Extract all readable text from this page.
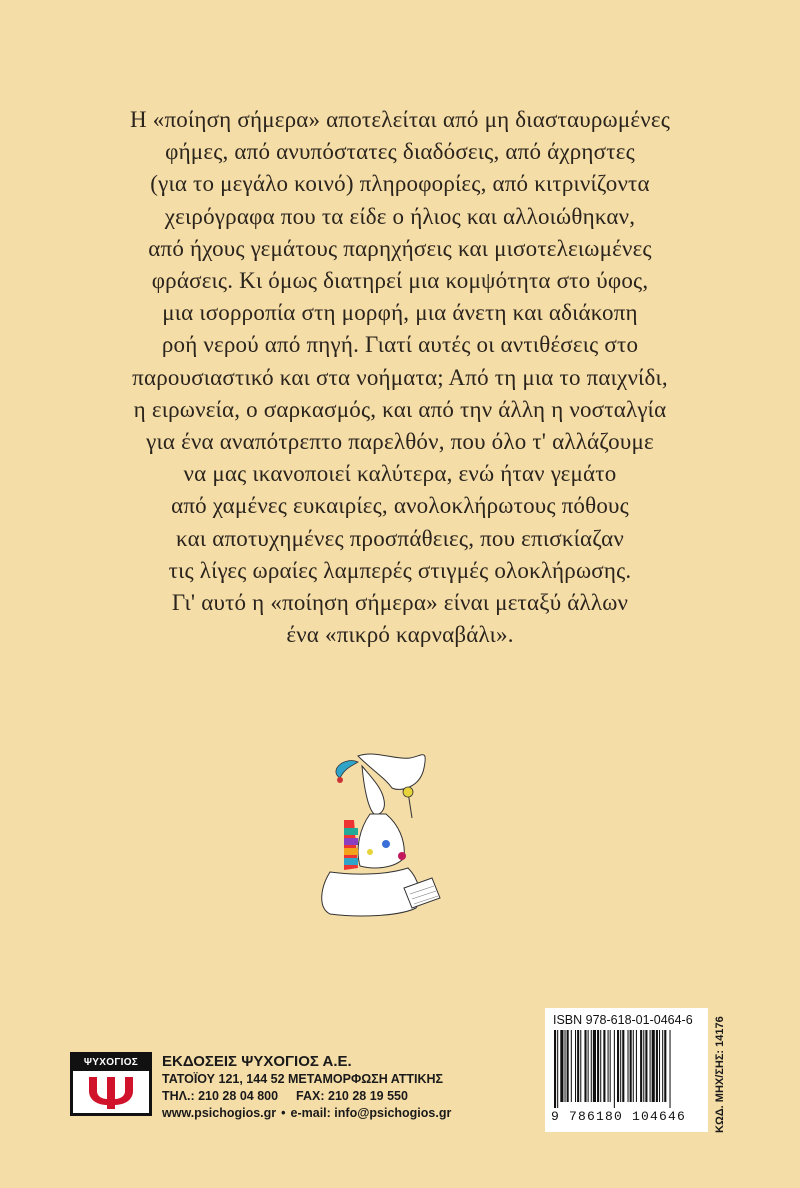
Η «ποίηση σήμερα» αποτελείται από μη διασταυρωμένες
φήμες, από ανυπόστατες διαδόσεις, από άχρηστες
(για το μεγάλο κοινό) πληροφορίες, από κιτρινίζοντα
χειρόγραφα που τα είδε ο ήλιος και αλλοιώθηκαν,
από ήχους γεμάτους παρηχήσεις και μισοτελειωμένες
φράσεις. Κι όμως διατηρεί μια κομψότητα στο ύφος,
μια ισορροπία στη μορφή, μια άνετη και αδιάκοπη
ροή νερού από πηγή. Γιατί αυτές οι αντιθέσεις στο
παρουσιαστικό και στα νοήματα; Από τη μια το παιχνίδι,
η ειρωνεία, ο σαρκασμός, και από την άλλη η νοσταλγία
για ένα αναπότρεπτο παρελθόν, που όλο τ' αλλάζουμε
να μας ικανοποιεί καλύτερα, ενώ ήταν γεμάτο
από χαμένες ευκαιρίες, ανολοκλήρωτους πόθους
και αποτυχημένες προσπάθειες, που επισκίαζαν
τις λίγες ωραίες λαμπερές στιγμές ολοκλήρωσης.
Γι' αυτό η «ποίηση σήμερα» είναι μεταξύ άλλων
ένα «πικρό καρναβάλι».
ΨΥΧΟΓΙΟΣ	ΕΚΔΟΣΕΙΣ ΨΥΧΟΓΙΟΣ Α.Ε.
ΤΑΤΟΪΟΥ 121, 144 52 ΜΕΤΑΜΟΡΦΩΣΗ ΑΤΤΙΚΗΣ
ΤΗΛ.: 210 28 04 800 FAX: 210 28 19 550
www.psichogios.gr • e-mail: info@psichogios.gr
ISBN 978-618-01-0464-6
9 786180 104646	ΚΩΔ. ΜΗΧ/ΣΗΣ: 14176
